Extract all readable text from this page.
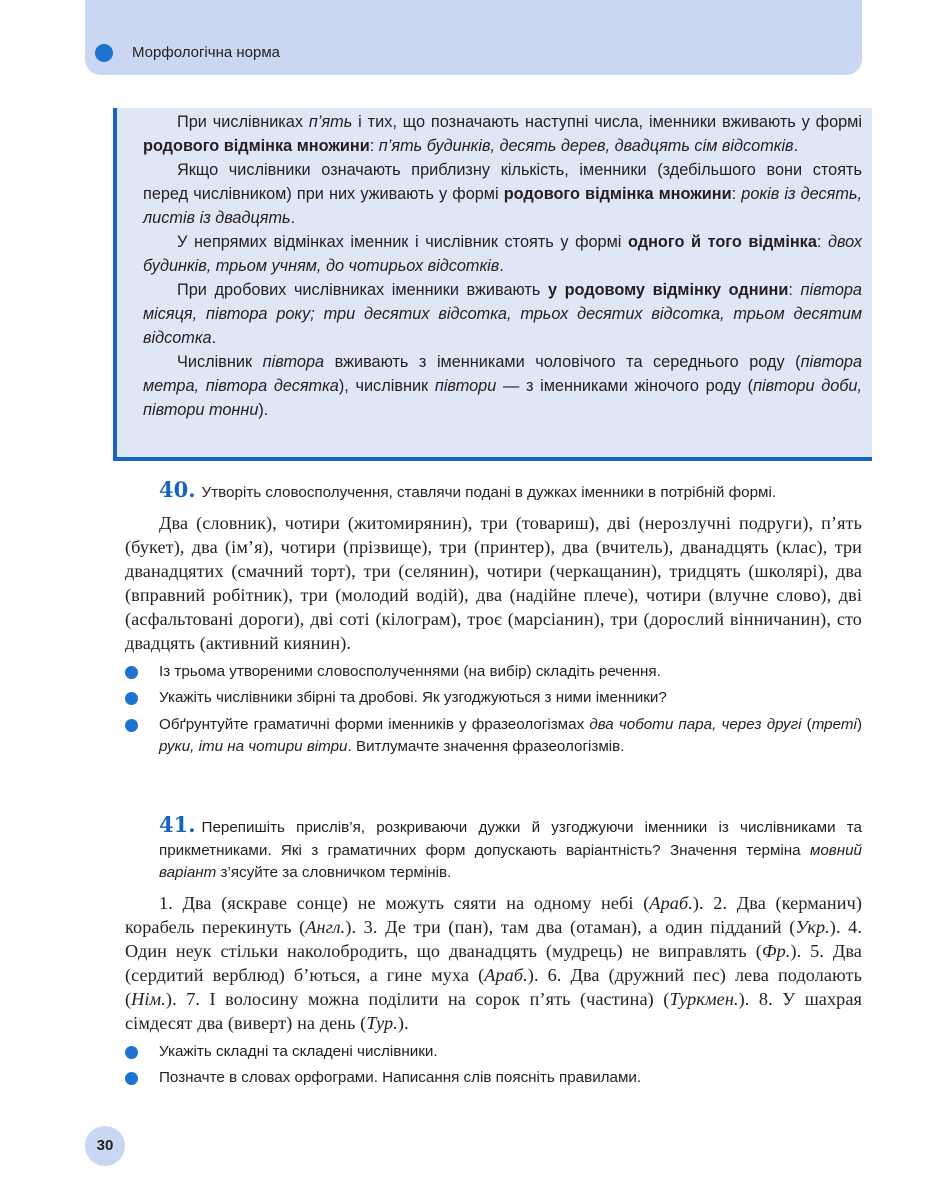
Морфологічна норма

При числівниках п’ять і тих, що позначають наступні числа, іменники вживають у формі родового відмінка множини: п’ять будинків, десять дерев, двадцять сім відсотків.

Якщо числівники означають приблизну кількість, іменники (здебільшого вони стоять перед числівником) при них уживають у формі родового відмінка множини: років із десять, листів із двадцять.

У непрямих відмінках іменник і числівник стоять у формі одного й того відмінка: двох будинків, трьом учням, до чотирьох відсотків.

При дробових числівниках іменники вживають у родовому відмінку однини: півтора місяця, півтора року; три десятих відсотка, трьох десятих відсотка, трьом десятим відсотка.

Числівник півтора вживають з іменниками чоловічого та середнього роду (півтора метра, півтора десятка), числівник півтори — з іменниками жіночого роду (півтори доби, півтори тонни).

40. Утворіть словосполучення, ставлячи подані в дужках іменники в потрібній формі.

Два (словник), чотири (житомирянин), три (товариш), дві (нерозлучні подруги), п’ять (букет), два (ім’я), чотири (прізвище), три (принтер), два (вчитель), дванадцять (клас), три дванадцятих (смачний торт), три (селянин), чотири (черкащанин), тридцять (школярі), два (вправний робітник), три (молодий водій), два (надійне плече), чотири (влучне слово), дві (асфальтовані дороги), дві соті (кілограм), троє (марсіанин), три (дорослий вінничанин), сто двадцять (активний киянин).

Із трьома утвореними словосполученнями (на вибір) складіть речення.

Укажіть числівники збірні та дробові. Як узгоджуються з ними іменники?

Обґрунтуйте граматичні форми іменників у фразеологізмах два чоботи пара, через другі (треті) руки, іти на чотири вітри. Витлумачте значення фразеологізмів.

41. Перепишіть прислів’я, розкриваючи дужки й узгоджуючи іменники із числівниками та прикметниками. Які з граматичних форм допускають варіантність? Значення терміна мовний варіант з’ясуйте за словничком термінів.

1. Два (яскраве сонце) не можуть сяяти на одному небі (Араб.). 2. Два (керманич) корабель перекинуть (Англ.). 3. Де три (пан), там два (отаман), а один підданий (Укр.). 4. Один неук стільки наколобродить, що дванадцять (мудрець) не виправлять (Фр.). 5. Два (сердитий верблюд) б’ються, а гине муха (Араб.). 6. Два (дружний пес) лева подолають (Нім.). 7. І волосину можна поділити на сорок п’ять (частина) (Туркмен.). 8. У шахрая сімдесят два (виверт) на день (Тур.).

Укажіть складні та складені числівники.

Позначте в словах орфограми. Написання слів поясніть правилами.

30
